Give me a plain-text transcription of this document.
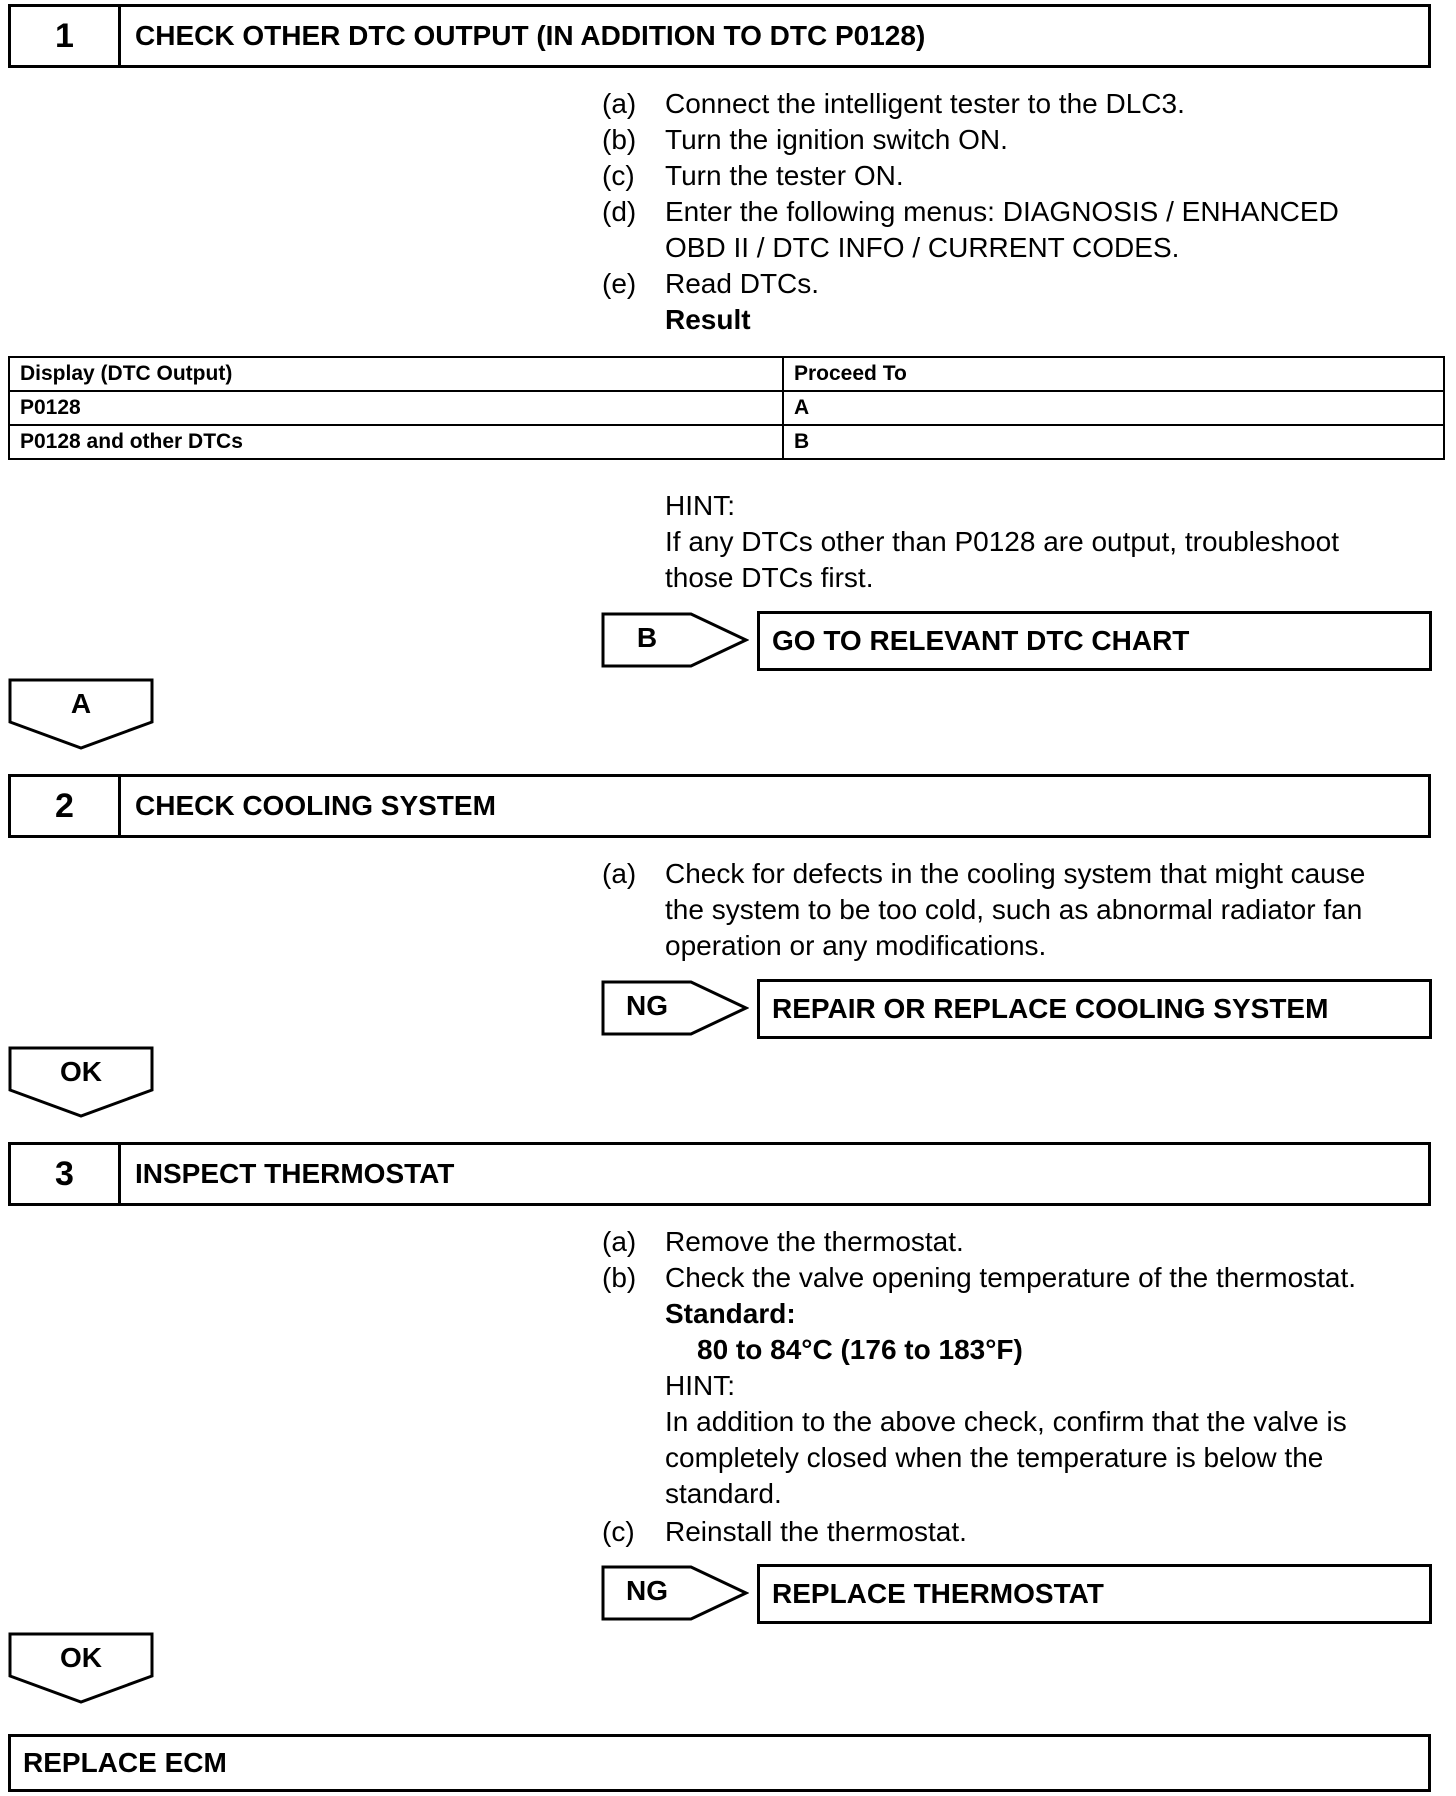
1	CHECK OTHER DTC OUTPUT (IN ADDITION TO DTC P0128)
(a) Connect the intelligent tester to the DLC3.
(b) Turn the ignition switch ON.
(c) Turn the tester ON.
(d) Enter the following menus: DIAGNOSIS / ENHANCED
OBD II / DTC INFO / CURRENT CODES.
(e) Read DTCs.
Result
Display (DTC Output)	Proceed To
P0128	A
P0128 and other DTCs	B
HINT:
If any DTCs other than P0128 are output, troubleshoot
those DTCs first.
B	GO TO RELEVANT DTC CHART
A
2	CHECK COOLING SYSTEM
(a) Check for defects in the cooling system that might cause
the system to be too cold, such as abnormal radiator fan
operation or any modifications.
NG	REPAIR OR REPLACE COOLING SYSTEM
OK
3	INSPECT THERMOSTAT
(a) Remove the thermostat.
(b) Check the valve opening temperature of the thermostat.
Standard:
80 to 84°C (176 to 183°F)
HINT:
In addition to the above check, confirm that the valve is
completely closed when the temperature is below the
standard.
(c) Reinstall the thermostat.
NG	REPLACE THERMOSTAT
OK
REPLACE ECM
